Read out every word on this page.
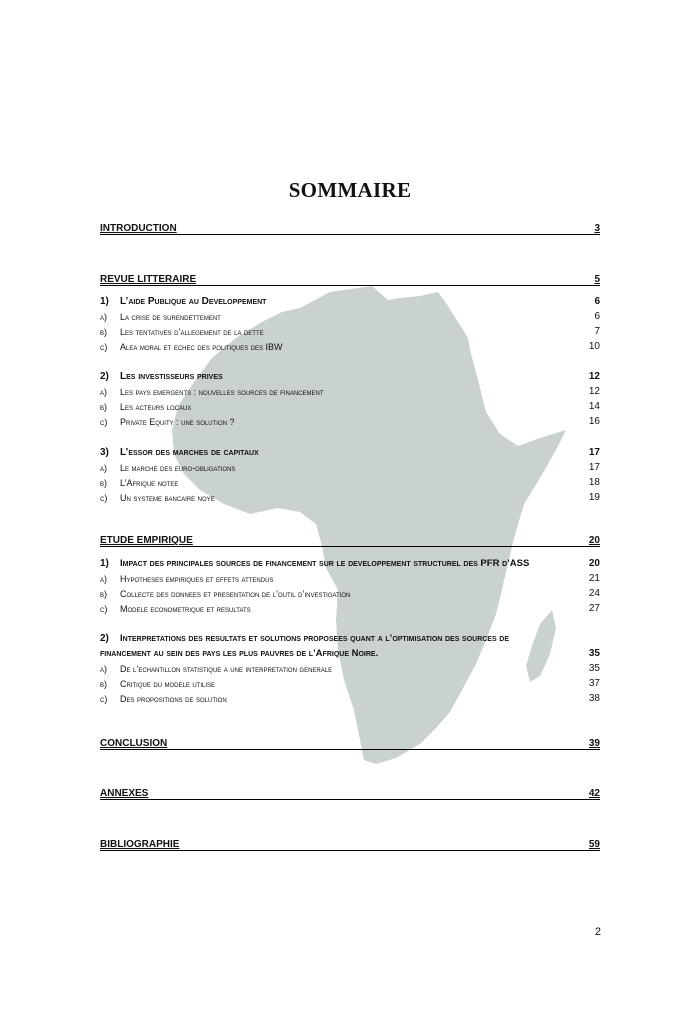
SOMMAIRE
INTRODUCTION	3
REVUE LITTERAIRE	5
1) L’aide Publique au Developpement	6
a) La crise de surendettement	6
b) Les tentatives d’allegement de la dette	7
c) Alea moral et echec des politiques des IBW	10
2) Les investisseurs prives	12
a) Les pays emergents : nouvelles sources de financement	12
b) Les acteurs locaux	14
c) Private Equity : une solution ?	16
3) L’essor des marches de capitaux	17
a) Le marche des euro-obligations	17
b) L’Afrique notee	18
c) Un systeme bancaire noye	19
ETUDE EMPIRIQUE	20
1) Impact des principales sources de financement sur le developpement structurel des PFR d’ASS	20
a) Hypotheses empiriques et effets attendus	21
b) Collecte des donnees et presentation de l’outil d’investigation	24
c) Modele econometrique et resultats	27
2) Interpretations des resultats et solutions proposees quant a l’optimisation des sources de
financement au sein des pays les plus pauvres de l’Afrique Noire.	35
a) De l’echantillon statistique a une interpretation generale	35
b) Critique du modele utilise	37
c) Des propositions de solution	38
CONCLUSION	39
ANNEXES	42
BIBLIOGRAPHIE	59
2
